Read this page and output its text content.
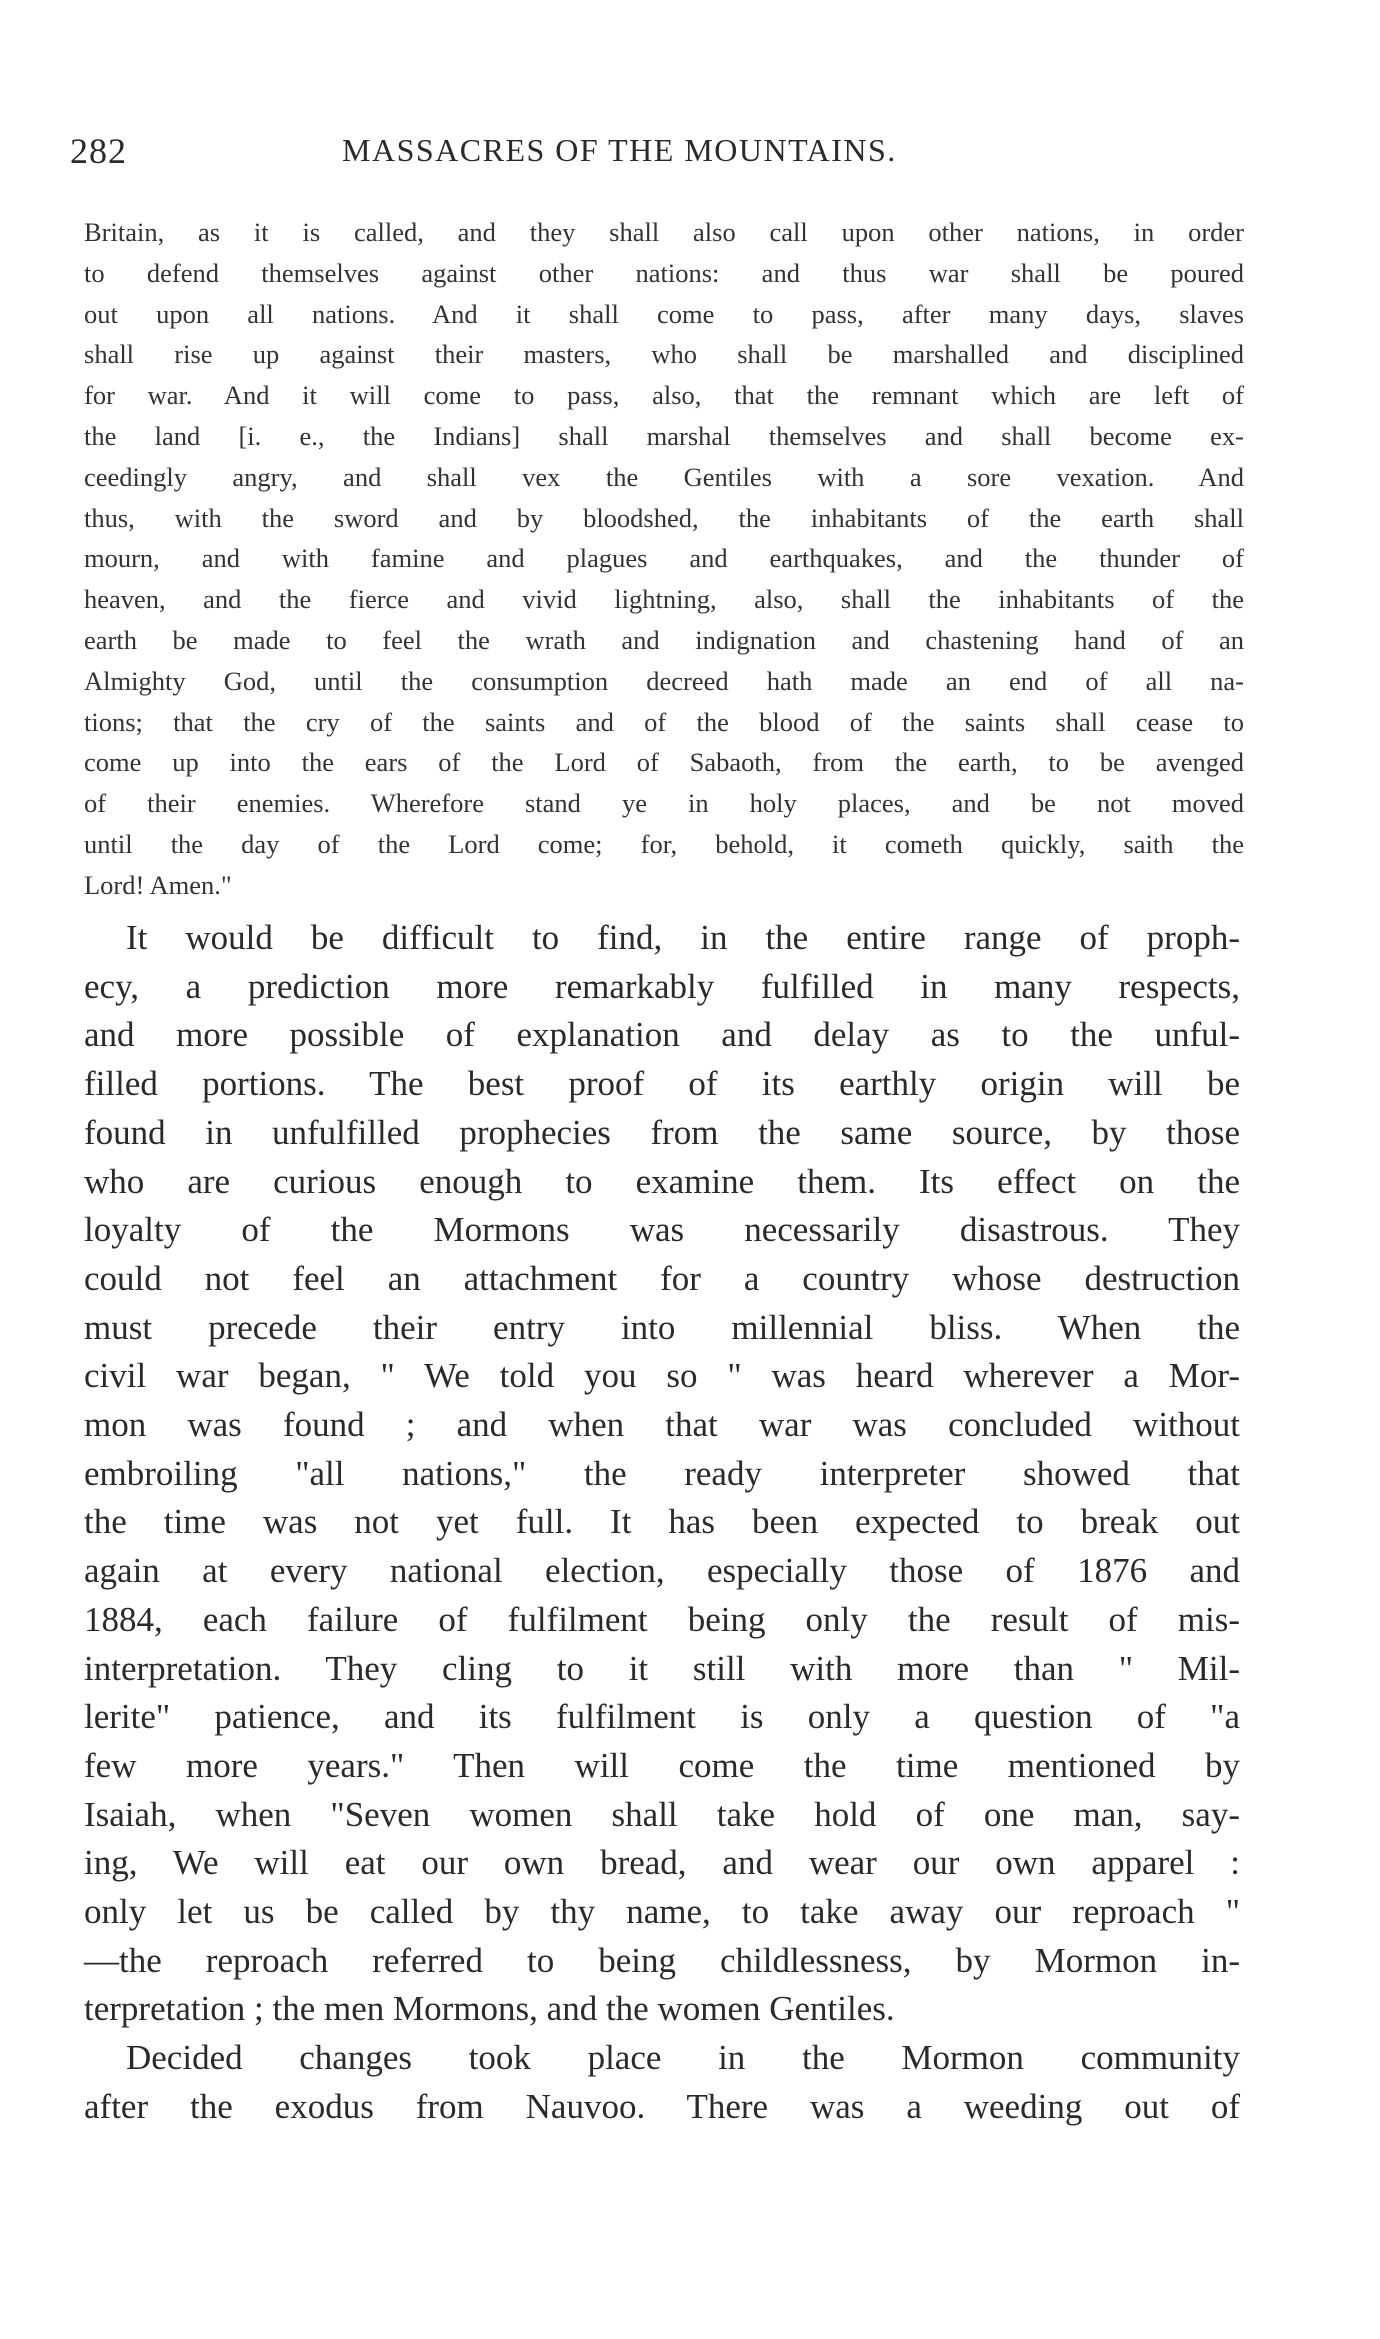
282	MASSACRES OF THE MOUNTAINS.
Britain, as it is called, and they shall also call upon other nations, in order
to defend themselves against other nations: and thus war shall be poured
out upon all nations. And it shall come to pass, after many days, slaves
shall rise up against their masters, who shall be marshalled and disciplined
for war. And it will come to pass, also, that the remnant which are left of
the land [i. e., the Indians] shall marshal themselves and shall become ex-
ceedingly angry, and shall vex the Gentiles with a sore vexation. And
thus, with the sword and by bloodshed, the inhabitants of the earth shall
mourn, and with famine and plagues and earthquakes, and the thunder of
heaven, and the fierce and vivid lightning, also, shall the inhabitants of the
earth be made to feel the wrath and indignation and chastening hand of an
Almighty God, until the consumption decreed hath made an end of all na-
tions; that the cry of the saints and of the blood of the saints shall cease to
come up into the ears of the Lord of Sabaoth, from the earth, to be avenged
of their enemies. Wherefore stand ye in holy places, and be not moved
until the day of the Lord come; for, behold, it cometh quickly, saith the
Lord! Amen."
It would be difficult to find, in the entire range of proph-
ecy, a prediction more remarkably fulfilled in many respects,
and more possible of explanation and delay as to the unful-
filled portions. The best proof of its earthly origin will be
found in unfulfilled prophecies from the same source, by those
who are curious enough to examine them. Its effect on the
loyalty of the Mormons was necessarily disastrous. They
could not feel an attachment for a country whose destruction
must precede their entry into millennial bliss. When the
civil war began, " We told you so " was heard wherever a Mor-
mon was found ; and when that war was concluded without
embroiling "all nations," the ready interpreter showed that
the time was not yet full. It has been expected to break out
again at every national election, especially those of 1876 and
1884, each failure of fulfilment being only the result of mis-
interpretation. They cling to it still with more than " Mil-
lerite" patience, and its fulfilment is only a question of "a
few more years." Then will come the time mentioned by
Isaiah, when "Seven women shall take hold of one man, say-
ing, We will eat our own bread, and wear our own apparel :
only let us be called by thy name, to take away our reproach "
—the reproach referred to being childlessness, by Mormon in-
terpretation ; the men Mormons, and the women Gentiles.
Decided changes took place in the Mormon community
after the exodus from Nauvoo. There was a weeding out of
